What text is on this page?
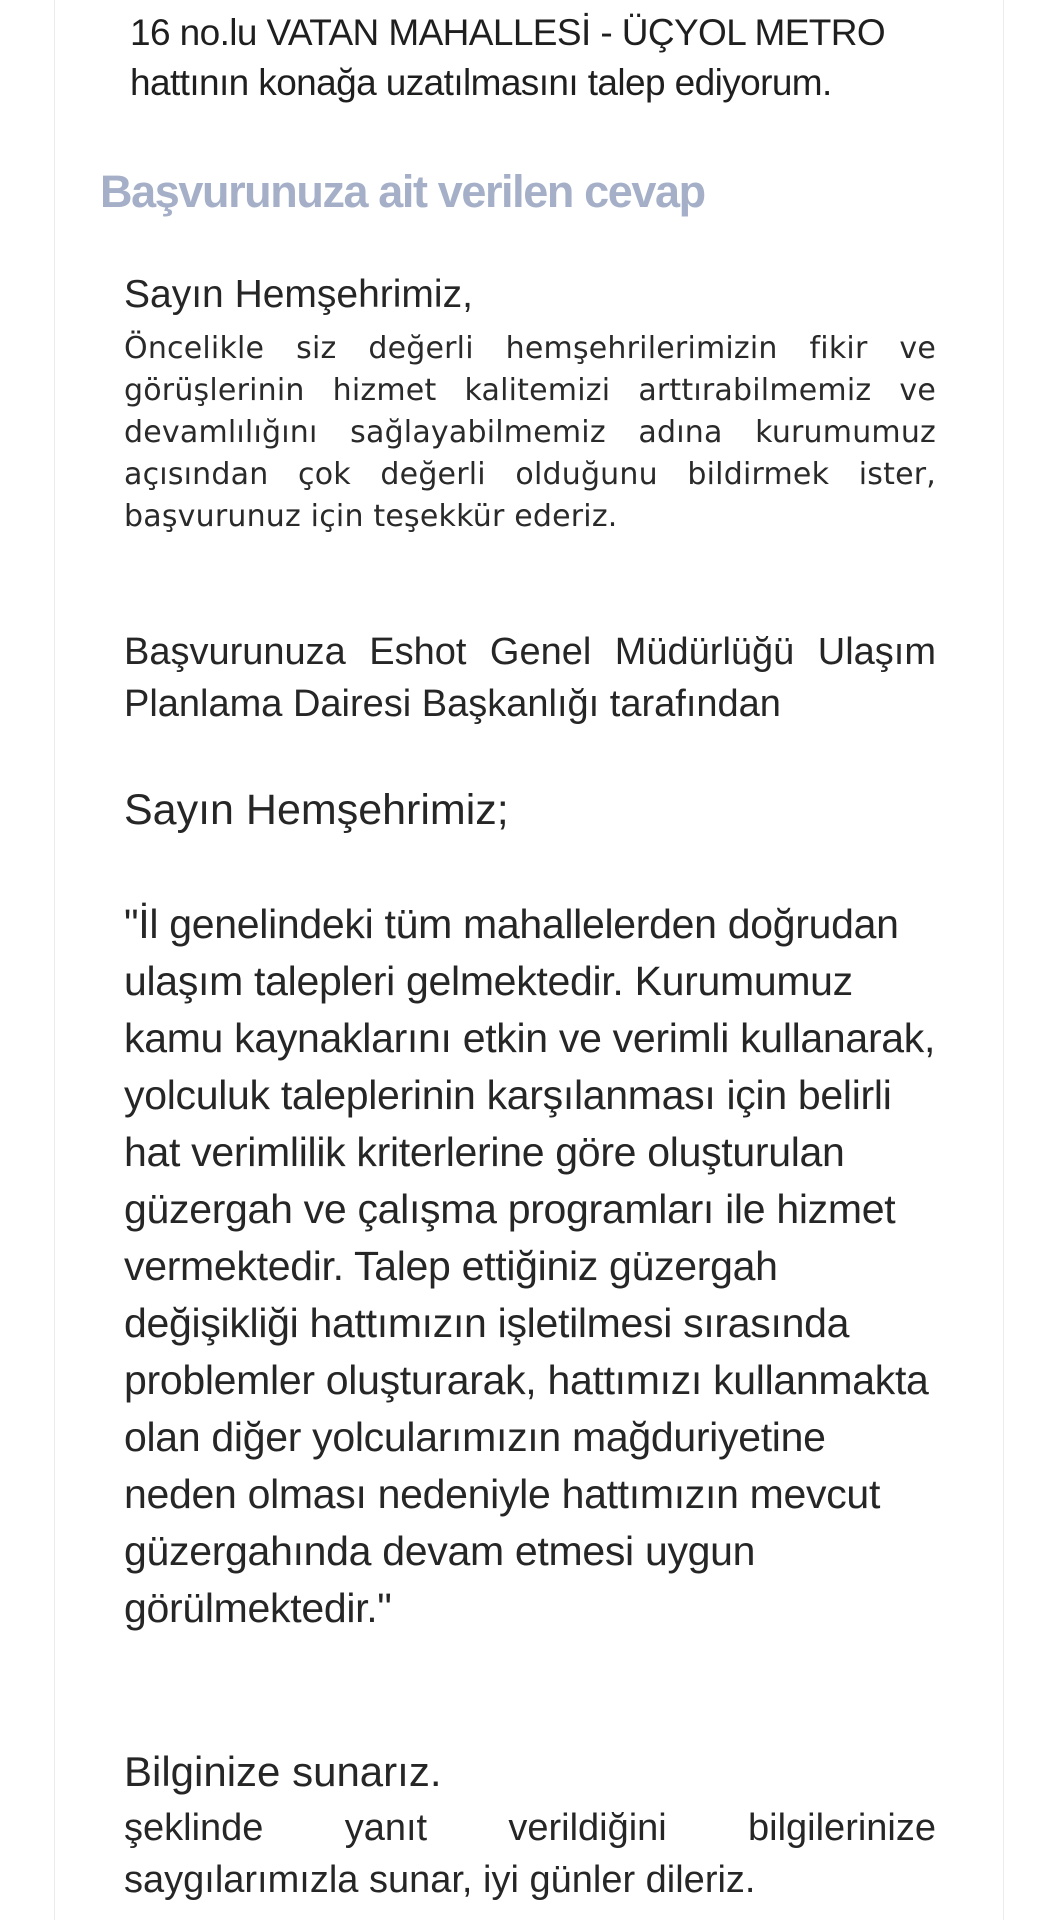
16 no.lu VATAN MAHALLESİ - ÜÇYOL METRO hattının konağa uzatılmasını talep ediyorum.

Başvurunuza ait verilen cevap

Sayın Hemşehrimiz,

Öncelikle siz değerli hemşehrilerimizin fikir ve görüşlerinin hizmet kalitemizi arttırabilmemiz ve devamlılığını sağlayabilmemiz adına kurumumuz açısından çok değerli olduğunu bildirmek ister, başvurunuz için teşekkür ederiz.

Başvurunuza Eshot Genel Müdürlüğü Ulaşım Planlama Dairesi Başkanlığı tarafından

Sayın Hemşehrimiz;

"İl genelindeki tüm mahallelerden doğrudan ulaşım talepleri gelmektedir. Kurumumuz kamu kaynaklarını etkin ve verimli kullanarak, yolculuk taleplerinin karşılanması için belirli hat verimlilik kriterlerine göre oluşturulan güzergah ve çalışma programları ile hizmet vermektedir. Talep ettiğiniz güzergah değişikliği hattımızın işletilmesi sırasında problemler oluşturarak, hattımızı kullanmakta olan diğer yolcularımızın mağduriyetine neden olması nedeniyle hattımızın mevcut güzergahında devam etmesi uygun görülmektedir."

Bilginize sunarız.

şeklinde yanıt verildiğini bilgilerinize saygılarımızla sunar, iyi günler dileriz.
